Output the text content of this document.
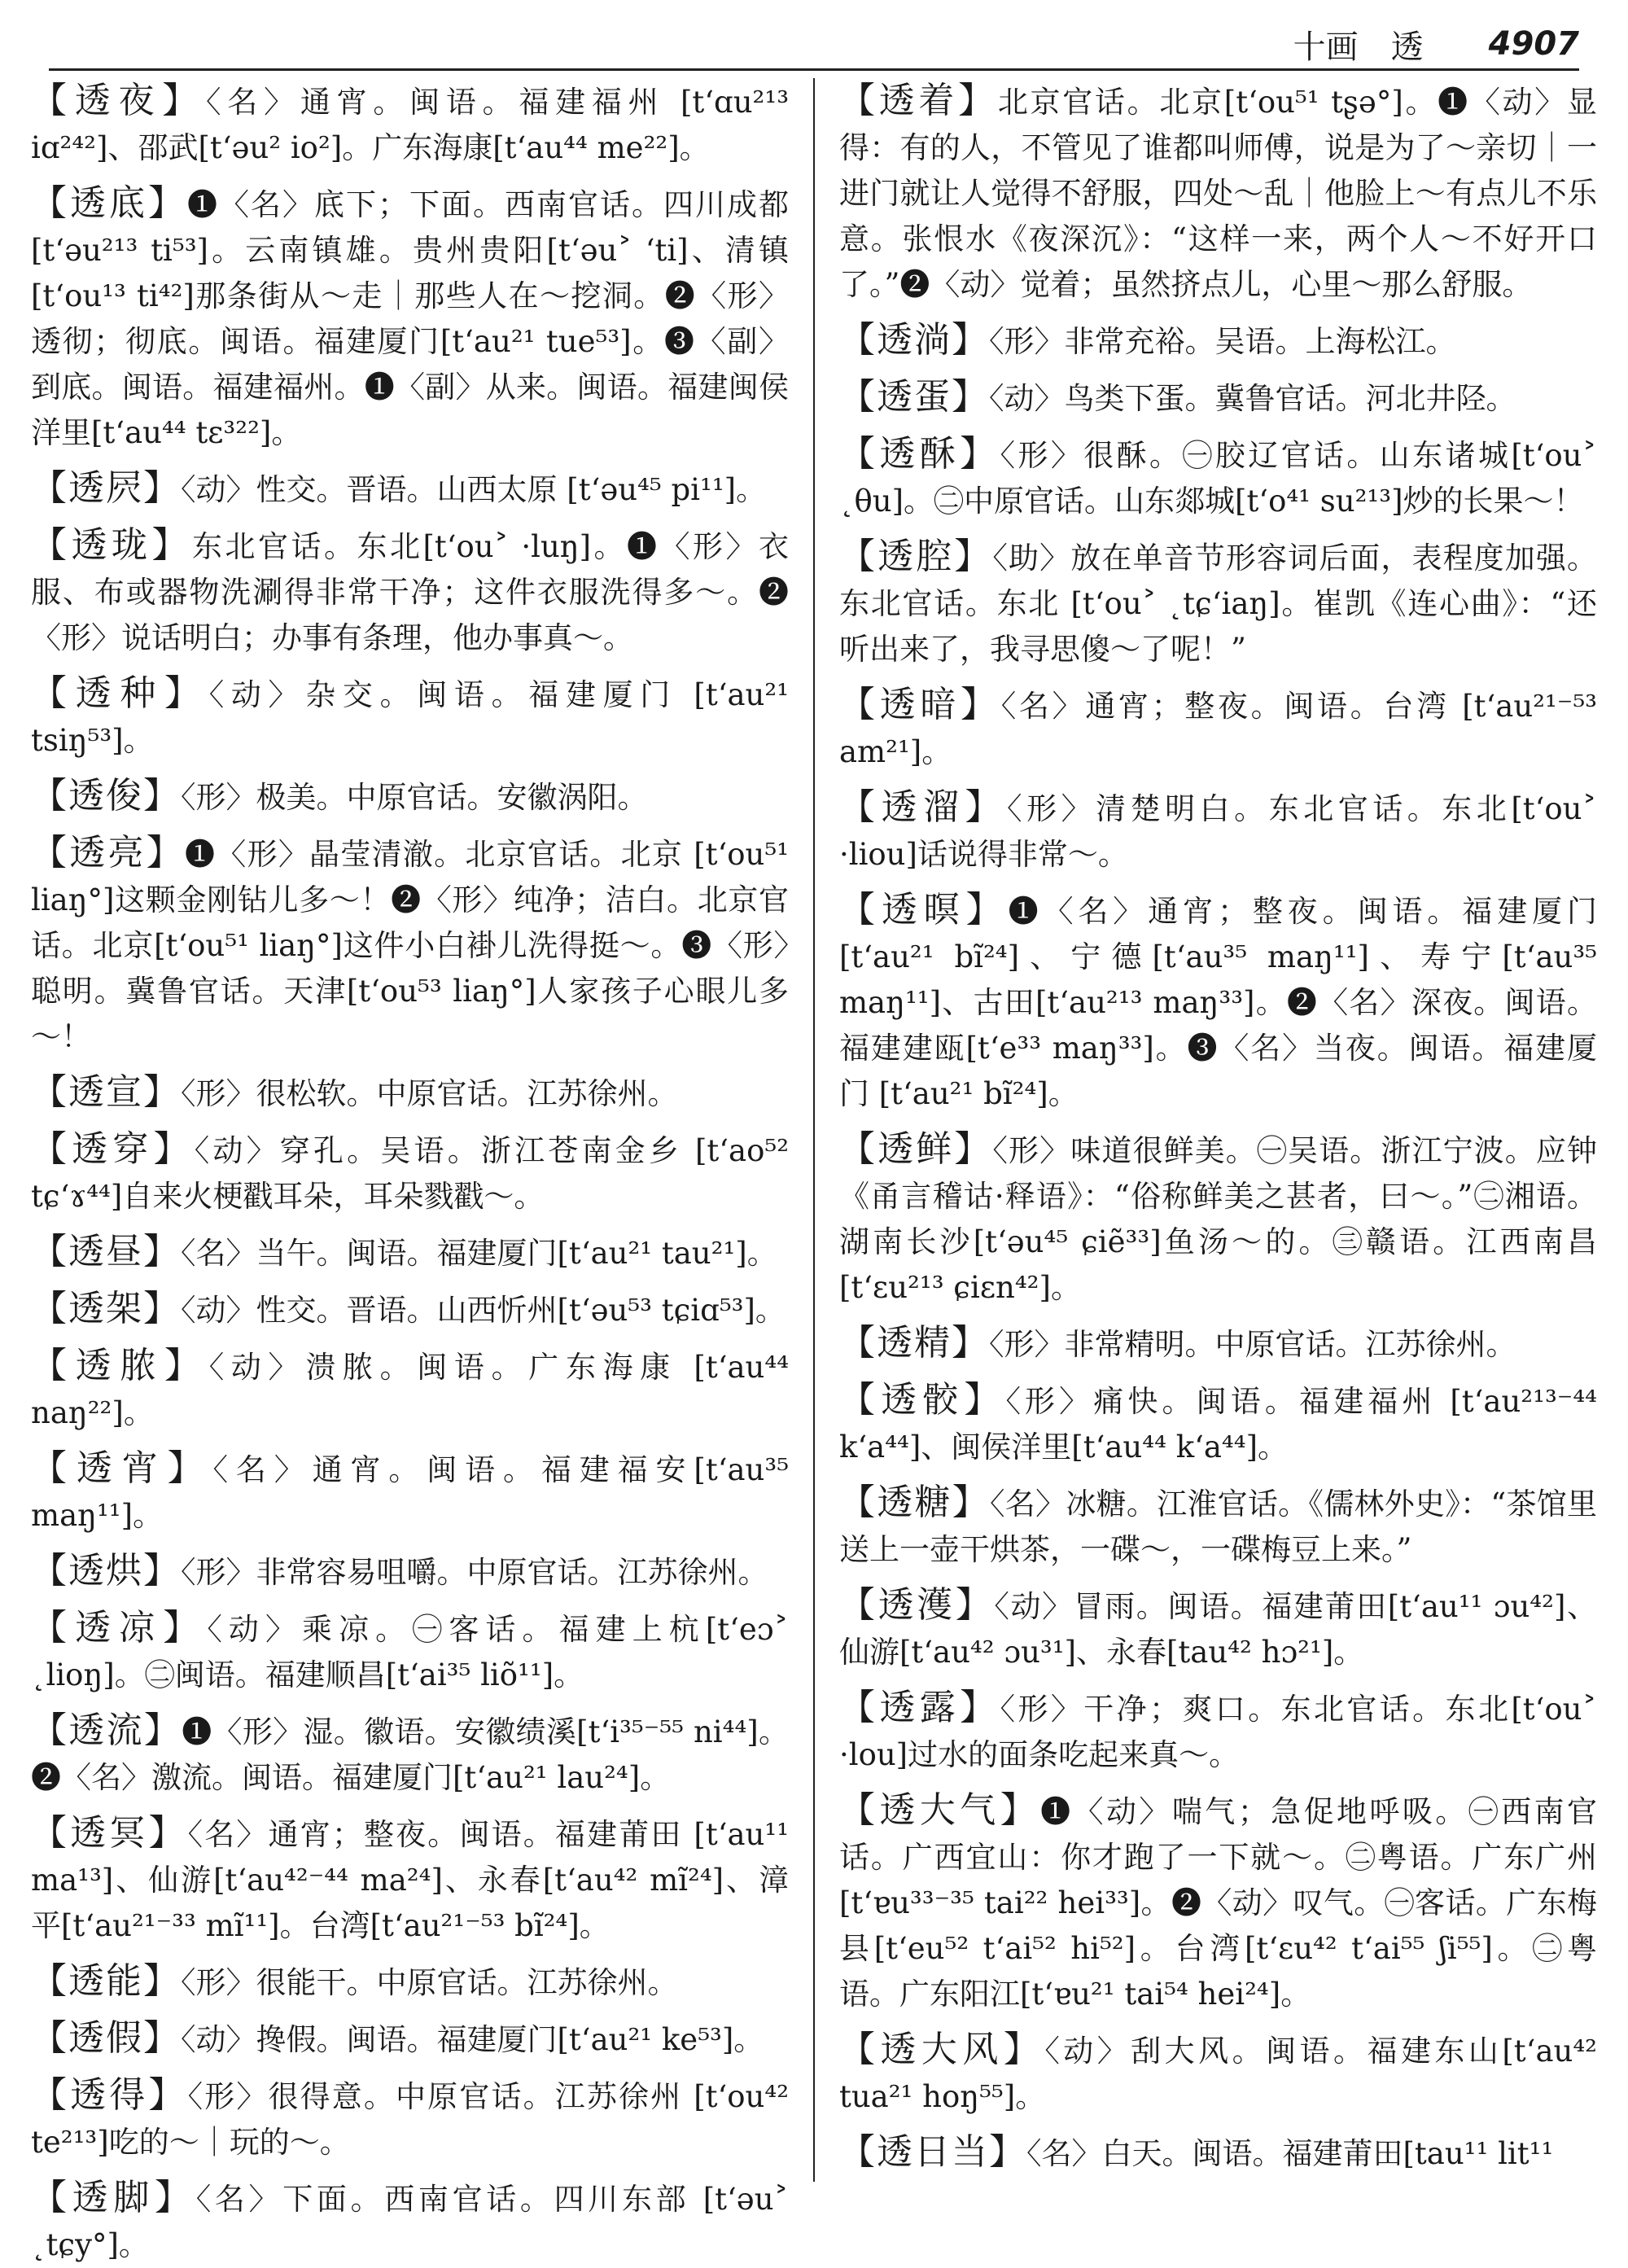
十画 透 4907
【透夜】〈名〉通宵。闽语。福建福州 [t‘ɑu²¹³ iɑ²⁴²]、邵武[t‘əu² io²]。广东海康[t‘au⁴⁴ me²²]。
【透底】❶〈名〉底下；下面。西南官话。四川成都[t‘əu²¹³ ti⁵³]。云南镇雄。贵州贵阳[t‘əu˃ ‘ti]、清镇[t‘ou¹³ ti⁴²]那条街从～走｜那些人在～挖洞。❷〈形〉透彻；彻底。闽语。福建厦门[t‘au²¹ tue⁵³]。❸〈副〉到底。闽语。福建福州。❶〈副〉从来。闽语。福建闽侯洋里[t‘au⁴⁴ tɛ³²²]。
【透屄】〈动〉性交。晋语。山西太原 [t‘əu⁴⁵ pi¹¹]。
【透珑】东北官话。东北[t‘ou˃ ·luŋ]。❶〈形〉衣服、布或器物洗涮得非常干净；这件衣服洗得多～。❷〈形〉说话明白；办事有条理，他办事真～。
【透种】〈动〉杂交。闽语。福建厦门 [t‘au²¹ tsiŋ⁵³]。
【透俊】〈形〉极美。中原官话。安徽涡阳。
【透亮】❶〈形〉晶莹清澈。北京官话。北京 [t‘ou⁵¹ liaŋ°]这颗金刚钻儿多～！❷〈形〉纯净；洁白。北京官话。北京[t‘ou⁵¹ liaŋ°]这件小白褂儿洗得挺～。❸〈形〉聪明。冀鲁官话。天津[t‘ou⁵³ liaŋ°]人家孩子心眼儿多～！
【透宣】〈形〉很松软。中原官话。江苏徐州。
【透穿】〈动〉穿孔。吴语。浙江苍南金乡 [t‘ao⁵² tɕ‘ɤ⁴⁴]自来火梗戳耳朵，耳朵戮戳～。
【透昼】〈名〉当午。闽语。福建厦门[t‘au²¹ tau²¹]。
【透架】〈动〉性交。晋语。山西忻州[t‘əu⁵³ tɕiɑ⁵³]。
【透脓】〈动〉溃脓。闽语。广东海康 [t‘au⁴⁴ naŋ²²]。
【透宵】〈名〉通宵。闽语。福建福安[t‘au³⁵ maŋ¹¹]。
【透烘】〈形〉非常容易咀嚼。中原官话。江苏徐州。
【透凉】〈动〉乘凉。㊀客话。福建上杭[t‘eɔ˃ ˛lioŋ]。㊁闽语。福建顺昌[t‘ai³⁵ liõ¹¹]。
【透流】❶〈形〉湿。徽语。安徽绩溪[t‘i³⁵⁻⁵⁵ ni⁴⁴]。❷〈名〉激流。闽语。福建厦门[t‘au²¹ lau²⁴]。
【透冥】〈名〉通宵；整夜。闽语。福建莆田 [t‘au¹¹ ma¹³]、仙游[t‘au⁴²⁻⁴⁴ ma²⁴]、永春[t‘au⁴² mĩ²⁴]、漳平[t‘au²¹⁻³³ mĩ¹¹]。台湾[t‘au²¹⁻⁵³ bĩ²⁴]。
【透能】〈形〉很能干。中原官话。江苏徐州。
【透假】〈动〉搀假。闽语。福建厦门[t‘au²¹ ke⁵³]。
【透得】〈形〉很得意。中原官话。江苏徐州 [t‘ou⁴² te²¹³]吃的～｜玩的～。
【透脚】〈名〉下面。西南官话。四川东部 [t‘əu˃ ˛tɕy°]。
【透着】北京官话。北京[t‘ou⁵¹ tʂə°]。❶〈动〉显得：有的人，不管见了谁都叫师傅，说是为了～亲切｜一进门就让人觉得不舒服，四处～乱｜他脸上～有点儿不乐意。张恨水《夜深沉》：“这样一来，两个人～不好开口了。”❷〈动〉觉着；虽然挤点儿，心里～那么舒服。
【透淌】〈形〉非常充裕。吴语。上海松江。
【透蛋】〈动〉鸟类下蛋。冀鲁官话。河北井陉。
【透酥】〈形〉很酥。㊀胶辽官话。山东诸城[t‘ou˃ ˛θu]。㊁中原官话。山东郯城[t‘o⁴¹ su²¹³]炒的长果～！
【透腔】〈助〉放在单音节形容词后面，表程度加强。东北官话。东北 [t‘ou˃ ˛tɕ‘iaŋ]。崔凯《连心曲》：“还听出来了，我寻思傻～了呢！”
【透暗】〈名〉通宵；整夜。闽语。台湾 [t‘au²¹⁻⁵³ am²¹]。
【透溜】〈形〉清楚明白。东北官话。东北[t‘ou˃ ·liou]话说得非常～。
【透暝】❶〈名〉通宵；整夜。闽语。福建厦门 [t‘au²¹ bĩ²⁴]、宁德[t‘au³⁵ maŋ¹¹]、寿宁[t‘au³⁵ maŋ¹¹]、古田[t‘au²¹³ maŋ³³]。❷〈名〉深夜。闽语。福建建瓯[t‘e³³ maŋ³³]。❸〈名〉当夜。闽语。福建厦门 [t‘au²¹ bĩ²⁴]。
【透鲜】〈形〉味道很鲜美。㊀吴语。浙江宁波。应钟《甬言稽诂·释语》：“俗称鲜美之甚者，曰～。”㊁湘语。湖南长沙[t‘əu⁴⁵ ɕiẽ³³]鱼汤～的。㊂赣语。江西南昌[t‘ɛu²¹³ ɕiɛn⁴²]。
【透精】〈形〉非常精明。中原官话。江苏徐州。
【透骹】〈形〉痛快。闽语。福建福州 [t‘au²¹³⁻⁴⁴ k‘a⁴⁴]、闽侯洋里[t‘au⁴⁴ k‘a⁴⁴]。
【透糖】〈名〉冰糖。江淮官话。《儒林外史》：“茶馆里送上一壶干烘茶，一碟～，一碟梅豆上来。”
【透濩】〈动〉冒雨。闽语。福建莆田[t‘au¹¹ ɔu⁴²]、仙游[t‘au⁴² ɔu³¹]、永春[tau⁴² hɔ²¹]。
【透露】〈形〉干净；爽口。东北官话。东北[t‘ou˃ ·lou]过水的面条吃起来真～。
【透大气】❶〈动〉喘气；急促地呼吸。㊀西南官话。广西宜山：你才跑了一下就～。㊁粤语。广东广州[t‘ɐu³³⁻³⁵ tai²² hei³³]。❷〈动〉叹气。㊀客话。广东梅县[t‘eu⁵² t‘ai⁵² hi⁵²]。台湾[t‘ɛu⁴² t‘ai⁵⁵ ʃi⁵⁵]。㊁粤语。广东阳江[t‘ɐu²¹ tai⁵⁴ hei²⁴]。
【透大风】〈动〉刮大风。闽语。福建东山[t‘au⁴² tua²¹ hoŋ⁵⁵]。
【透日当】〈名〉白天。闽语。福建莆田[tau¹¹ lit¹¹
